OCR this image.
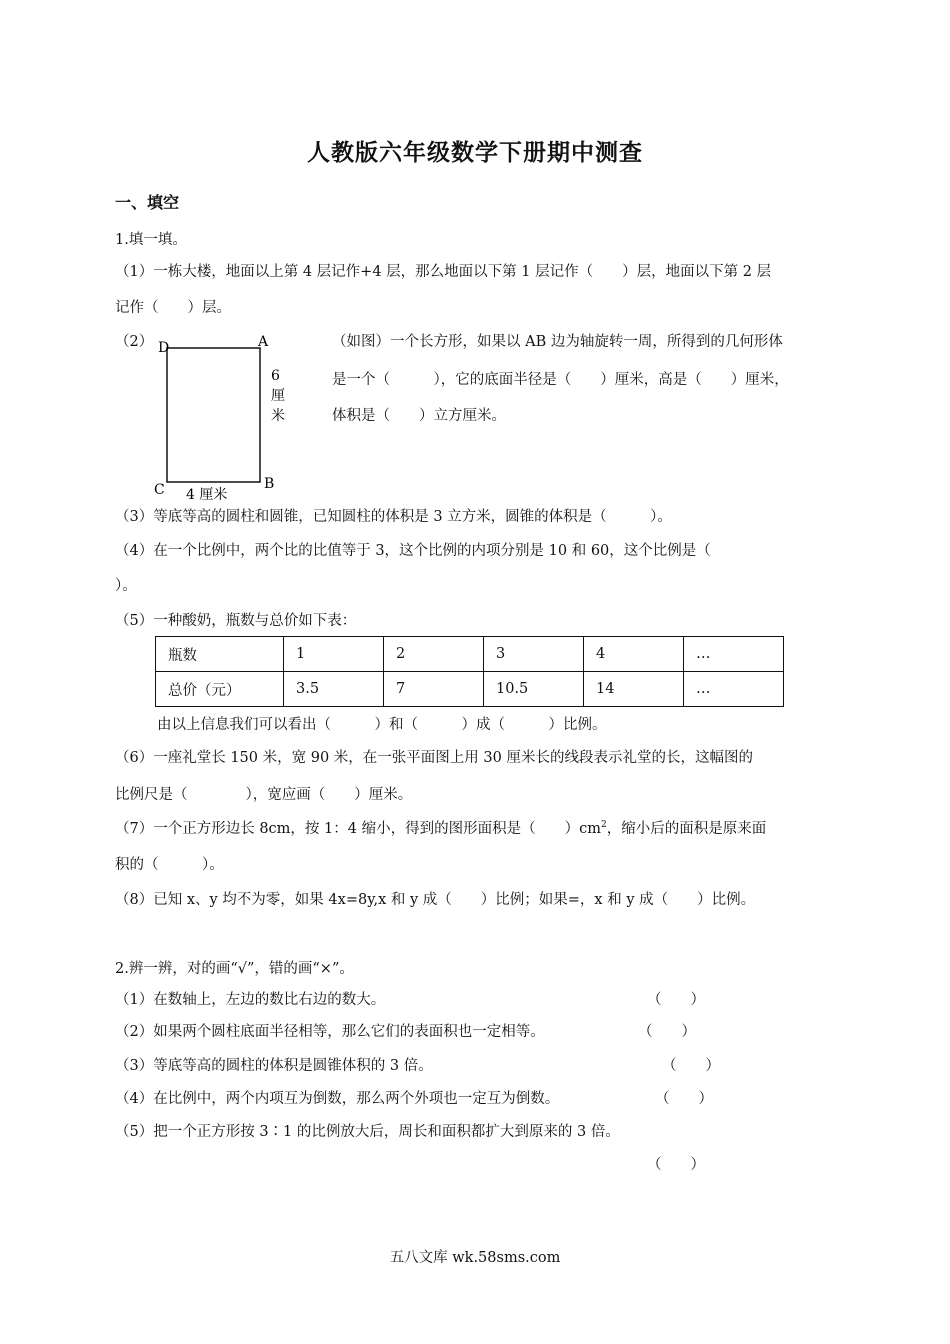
人教版六年级数学下册期中测查
一、填空
1.填一填。
（1）一栋大楼，地面以上第 4 层记作+4 层，那么地面以下第 1 层记作（　　）层，地面以下第 2 层
记作（　　）层。
（2） D	A
C	B
6
厘
米
4 厘米
（如图）一个长方形，如果以 AB 边为轴旋转一周，所得到的几何形体
是一个（　　　），它的底面半径是（　　）厘米，高是（　　）厘米，
体积是（　　）立方厘米。
（3）等底等高的圆柱和圆锥，已知圆柱的体积是 3 立方米，圆锥的体积是（　　　）。
（4）在一个比例中，两个比的比值等于 3，这个比例的内项分别是 10 和 60，这个比例是（
）。
（5）一种酸奶，瓶数与总价如下表：
瓶数	1	2	3	4	…
总价（元）	3.5	7	10.5	14	…
由以上信息我们可以看出（　　　）和（　　　）成（　　　）比例。
（6）一座礼堂长 150 米，宽 90 米，在一张平面图上用 30 厘米长的线段表示礼堂的长，这幅图的
比例尺是（　　　　），宽应画（　　）厘米。
（7）一个正方形边长 8cm，按 1：4 缩小，得到的图形面积是（　　）$cm^2$，缩小后的面积是原来面
积的（　　　）。
（8）已知 x、y 均不为零，如果 4x=8y,x 和 y 成（　　）比例；如果=，x 和 y 成（　　）比例。
2.辨一辨，对的画“√”，错的画“×”。
（1）在数轴上，左边的数比右边的数大。	（　　）
（2）如果两个圆柱底面半径相等，那么它们的表面积也一定相等。	（　　）
（3）等底等高的圆柱的体积是圆锥体积的 3 倍。	（　　）
（4）在比例中，两个内项互为倒数，那么两个外项也一定互为倒数。	（　　）
（5）把一个正方形按 3∶1 的比例放大后，周长和面积都扩大到原来的 3 倍。
（　　）
五八文库 wk.58sms.com
